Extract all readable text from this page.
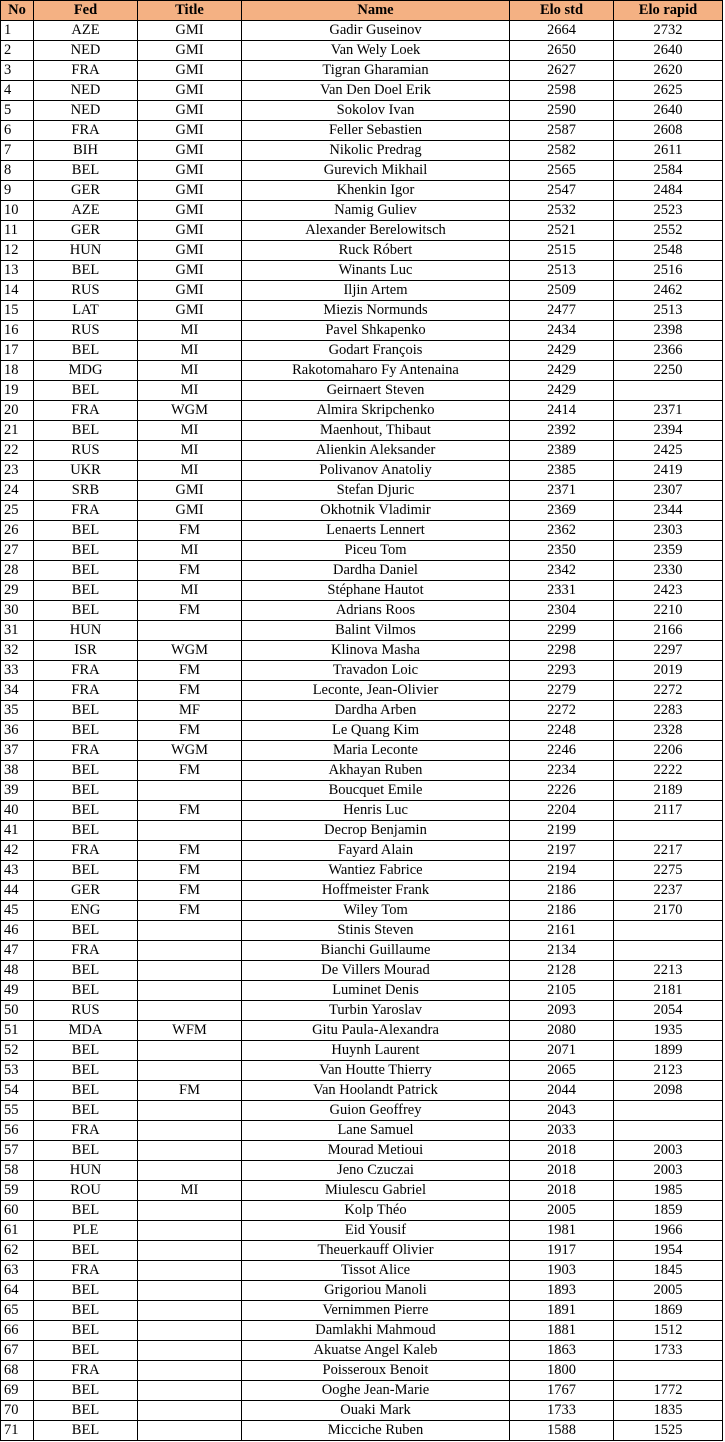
No	Fed	Title	Name	Elo std	Elo rapid
1	AZE	GMI	Gadir Guseinov	2664	2732
2	NED	GMI	Van Wely Loek	2650	2640
3	FRA	GMI	Tigran Gharamian	2627	2620
4	NED	GMI	Van Den Doel Erik	2598	2625
5	NED	GMI	Sokolov Ivan	2590	2640
6	FRA	GMI	Feller Sebastien	2587	2608
7	BIH	GMI	Nikolic Predrag	2582	2611
8	BEL	GMI	Gurevich Mikhail	2565	2584
9	GER	GMI	Khenkin Igor	2547	2484
10	AZE	GMI	Namig Guliev	2532	2523
11	GER	GMI	Alexander Berelowitsch	2521	2552
12	HUN	GMI	Ruck Róbert	2515	2548
13	BEL	GMI	Winants Luc	2513	2516
14	RUS	GMI	Iljin Artem	2509	2462
15	LAT	GMI	Miezis Normunds	2477	2513
16	RUS	MI	Pavel Shkapenko	2434	2398
17	BEL	MI	Godart François	2429	2366
18	MDG	MI	Rakotomaharo Fy Antenaina	2429	2250
19	BEL	MI	Geirnaert Steven	2429	
20	FRA	WGM	Almira Skripchenko	2414	2371
21	BEL	MI	Maenhout, Thibaut	2392	2394
22	RUS	MI	Alienkin Aleksander	2389	2425
23	UKR	MI	Polivanov Anatoliy	2385	2419
24	SRB	GMI	Stefan Djuric	2371	2307
25	FRA	GMI	Okhotnik Vladimir	2369	2344
26	BEL	FM	Lenaerts Lennert	2362	2303
27	BEL	MI	Piceu Tom	2350	2359
28	BEL	FM	Dardha Daniel	2342	2330
29	BEL	MI	Stéphane Hautot	2331	2423
30	BEL	FM	Adrians Roos	2304	2210
31	HUN		Balint Vilmos	2299	2166
32	ISR	WGM	Klinova Masha	2298	2297
33	FRA	FM	Travadon Loic	2293	2019
34	FRA	FM	Leconte, Jean-Olivier	2279	2272
35	BEL	MF	Dardha Arben	2272	2283
36	BEL	FM	Le Quang Kim	2248	2328
37	FRA	WGM	Maria Leconte	2246	2206
38	BEL	FM	Akhayan Ruben	2234	2222
39	BEL		Boucquet Emile	2226	2189
40	BEL	FM	Henris Luc	2204	2117
41	BEL		Decrop Benjamin	2199	
42	FRA	FM	Fayard Alain	2197	2217
43	BEL	FM	Wantiez Fabrice	2194	2275
44	GER	FM	Hoffmeister Frank	2186	2237
45	ENG	FM	Wiley Tom	2186	2170
46	BEL		Stinis Steven	2161	
47	FRA		Bianchi Guillaume	2134	
48	BEL		De Villers Mourad	2128	2213
49	BEL		Luminet Denis	2105	2181
50	RUS		Turbin Yaroslav	2093	2054
51	MDA	WFM	Gitu Paula-Alexandra	2080	1935
52	BEL		Huynh Laurent	2071	1899
53	BEL		Van Houtte Thierry	2065	2123
54	BEL	FM	Van Hoolandt Patrick	2044	2098
55	BEL		Guion Geoffrey	2043	
56	FRA		Lane Samuel	2033	
57	BEL		Mourad Metioui	2018	2003
58	HUN		Jeno Czuczai	2018	2003
59	ROU	MI	Miulescu Gabriel	2018	1985
60	BEL		Kolp Théo	2005	1859
61	PLE		Eid Yousif	1981	1966
62	BEL		Theuerkauff Olivier	1917	1954
63	FRA		Tissot Alice	1903	1845
64	BEL		Grigoriou Manoli	1893	2005
65	BEL		Vernimmen Pierre	1891	1869
66	BEL		Damlakhi Mahmoud	1881	1512
67	BEL		Akuatse Angel Kaleb	1863	1733
68	FRA		Poisseroux Benoit	1800	
69	BEL		Ooghe Jean-Marie	1767	1772
70	BEL		Ouaki Mark	1733	1835
71	BEL		Micciche Ruben	1588	1525
